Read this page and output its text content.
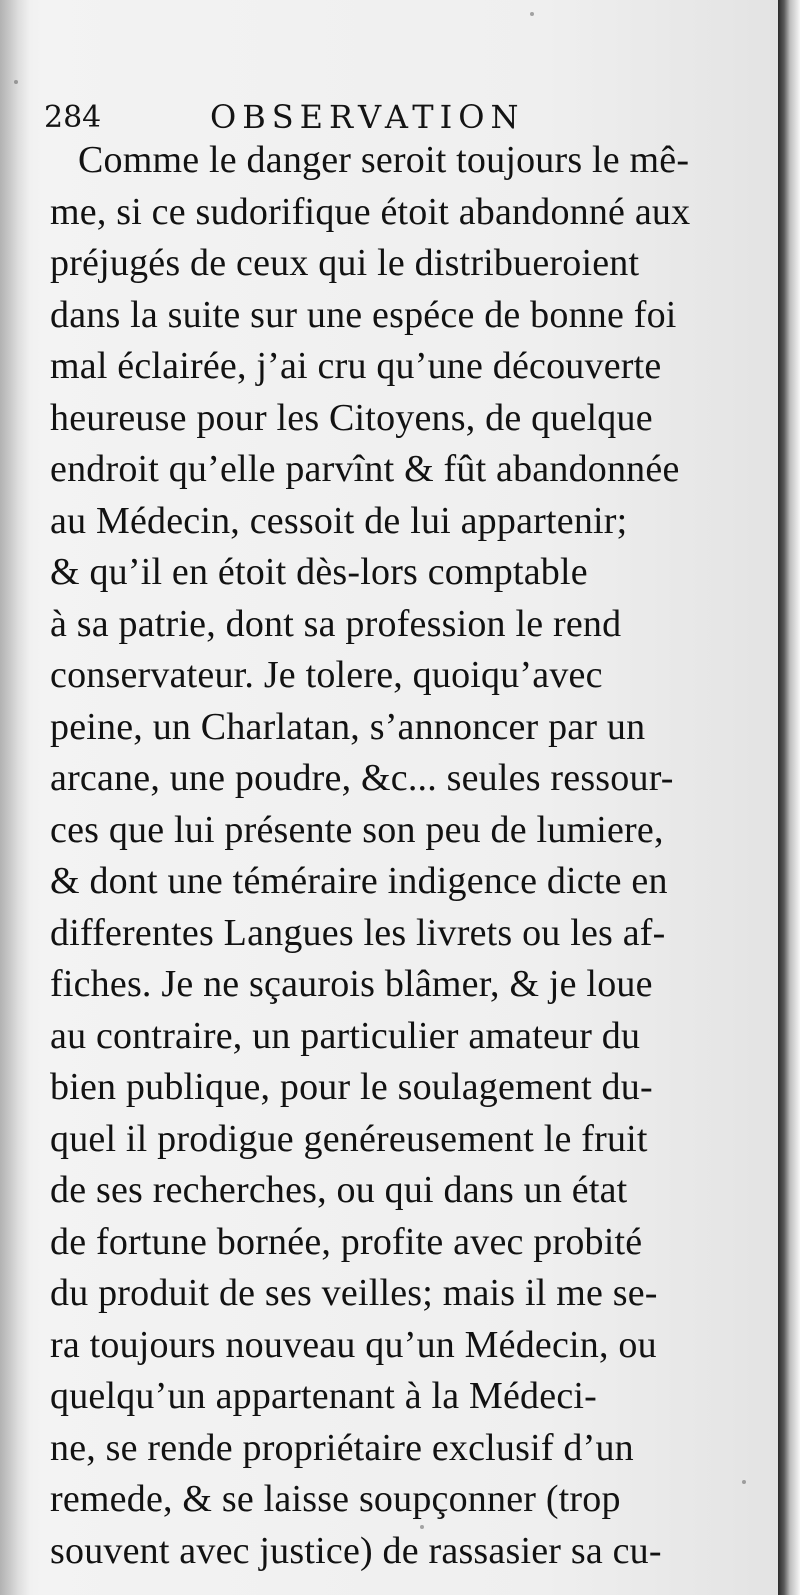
284	OBSERVATION
Comme le danger seroit toujours le mê-
me, si ce sudorifique étoit abandonné aux
préjugés de ceux qui le distribueroient
dans la suite sur une espéce de bonne foi
mal éclairée, j’ai cru qu’une découverte
heureuse pour les Citoyens, de quelque
endroit qu’elle parvînt & fût abandonnée
au Médecin, cessoit de lui appartenir;
& qu’il en étoit dès-lors comptable
à sa patrie, dont sa profession le rend
conservateur. Je tolere, quoiqu’avec
peine, un Charlatan, s’annoncer par un
arcane, une poudre, &c... seules ressour-
ces que lui présente son peu de lumiere,
& dont une téméraire indigence dicte en
differentes Langues les livrets ou les af-
fiches. Je ne sçaurois blâmer, & je loue
au contraire, un particulier amateur du
bien publique, pour le soulagement du-
quel il prodigue genéreusement le fruit
de ses recherches, ou qui dans un état
de fortune bornée, profite avec probité
du produit de ses veilles; mais il me se-
ra toujours nouveau qu’un Médecin, ou
quelqu’un appartenant à la Médeci-
ne, se rende propriétaire exclusif d’un
remede, & se laisse soupçonner (trop
souvent avec justice) de rassasier sa cu-
